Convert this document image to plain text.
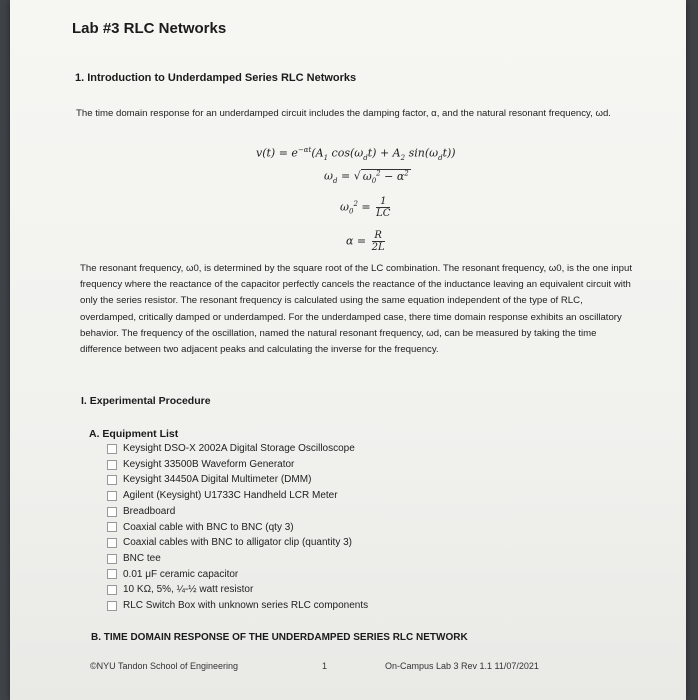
Lab #3 RLC Networks
1. Introduction to Underdamped Series RLC Networks
The time domain response for an underdamped circuit includes the damping factor, α, and the natural resonant frequency, ωd.
$v(t) = e^{-\alpha t}(A_1$ $\cos(\omega_dt) + A_2$ $\sin(\omega_dt)$)
$\omega_d$ = √ $\omega_0^2 - \alpha^2$
$\omega_0^2 = \frac{1}{LC}$
$\alpha = \frac{R}{2L}$
The resonant frequency, ω0, is determined by the square root of the LC combination. The resonant frequency, ω0, is the one input frequency where the reactance of the capacitor perfectly cancels the reactance of the inductance leaving an equivalent circuit with only the series resistor. The resonant frequency is calculated using the same equation independent of the type of RLC, overdamped, critically damped or underdamped. For the underdamped case, there time domain response exhibits an oscillatory behavior. The frequency of the oscillation, named the natural resonant frequency, ωd, can be measured by taking the time difference between two adjacent peaks and calculating the inverse for the frequency.
I. Experimental Procedure
A. Equipment List
Keysight DSO-X 2002A Digital Storage Oscilloscope
Keysight 33500B Waveform Generator
Keysight 34450A Digital Multimeter (DMM)
Agilent (Keysight) U1733C Handheld LCR Meter
Breadboard
Coaxial cable with BNC to BNC (qty 3)
Coaxial cables with BNC to alligator clip (quantity 3)
BNC tee
0.01 μF ceramic capacitor
10 KΩ, 5%, ¼-½ watt resistor
RLC Switch Box with unknown series RLC components
B. TIME DOMAIN RESPONSE OF THE UNDERDAMPED SERIES RLC NETWORK
©NYU Tandon School of Engineering	1	On-Campus Lab 3 Rev 1.1 11/07/2021
